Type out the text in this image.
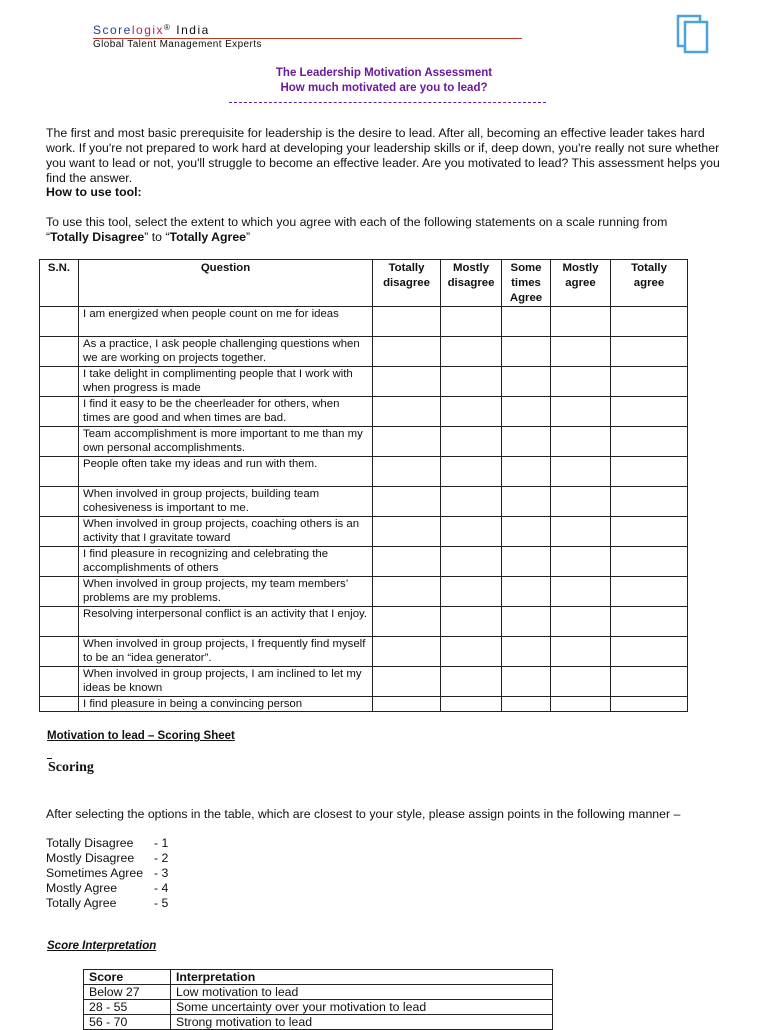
Scorelogix® India
Global Talent Management Experts
The Leadership Motivation Assessment
How much motivated are you to lead?
The first and most basic prerequisite for leadership is the desire to lead. After all, becoming an effective leader takes hard work. If you're not prepared to work hard at developing your leadership skills or if, deep down, you're really not sure whether you want to lead or not, you'll struggle to become an effective leader. Are you motivated to lead? This assessment helps you find the answer.
How to use tool:
To use this tool, select the extent to which you agree with each of the following statements on a scale running from
“Totally Disagree” to “Totally Agree”
S.N.	Question	Totally disagree	Mostly disagree	Some times Agree	Mostly agree	Totally agree
	I am energized when people count on me for ideas					
	As a practice, I ask people challenging questions when we are working on projects together.					
	I take delight in complimenting people that I work with when progress is made					
	I find it easy to be the cheerleader for others, when times are good and when times are bad.					
	Team accomplishment is more important to me than my own personal accomplishments.					
	People often take my ideas and run with them.					
	When involved in group projects, building team cohesiveness is important to me.					
	When involved in group projects, coaching others is an activity that I gravitate toward					
	I find pleasure in recognizing and celebrating the accomplishments of others					
	When involved in group projects, my team members’ problems are my problems.					
	Resolving interpersonal conflict is an activity that I enjoy.					
	When involved in group projects, I frequently find myself to be an “idea generator”.					
	When involved in group projects, I am inclined to let my ideas be known					
	I find pleasure in being a convincing person					
Motivation to lead – Scoring Sheet
Scoring
After selecting the options in the table, which are closest to your style, please assign points in the following manner –
Totally Disagree - 1
Mostly Disagree - 2
Sometimes Agree - 3
Mostly Agree	- 4
Totally Agree	- 5
Score Interpretation
Score	Interpretation
Below 27	Low motivation to lead
28 - 55	Some uncertainty over your motivation to lead
56 - 70	Strong motivation to lead
